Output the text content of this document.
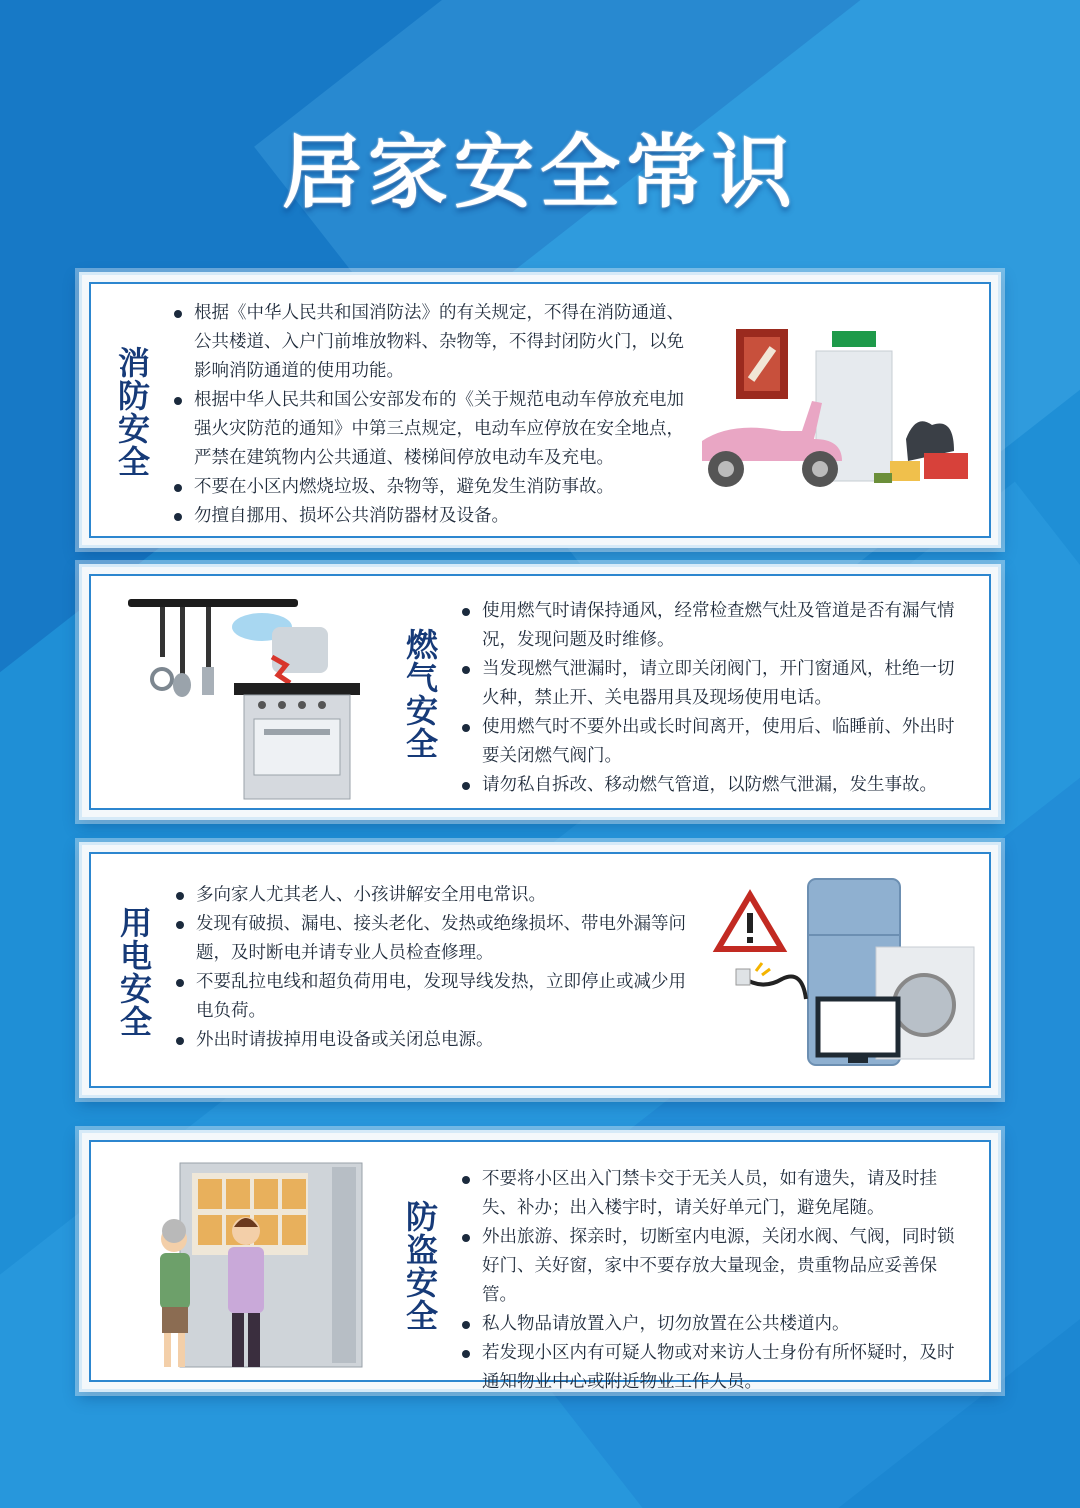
居家安全常识
消防安全
根据《中华人民共和国消防法》的有关规定，不得在消防通道、公共楼道、入户门前堆放物料、杂物等，不得封闭防火门，以免影响消防通道的使用功能。
根据中华人民共和国公安部发布的《关于规范电动车停放充电加强火灾防范的通知》中第三点规定，电动车应停放在安全地点，严禁在建筑物内公共通道、楼梯间停放电动车及充电。
不要在小区内燃烧垃圾、杂物等，避免发生消防事故。
勿擅自挪用、损坏公共消防器材及设备。
燃气安全
使用燃气时请保持通风，经常检查燃气灶及管道是否有漏气情况，发现问题及时维修。
当发现燃气泄漏时，请立即关闭阀门，开门窗通风，杜绝一切火种，禁止开、关电器用具及现场使用电话。
使用燃气时不要外出或长时间离开，使用后、临睡前、外出时要关闭燃气阀门。
请勿私自拆改、移动燃气管道，以防燃气泄漏，发生事故。
用电安全
多向家人尤其老人、小孩讲解安全用电常识。
发现有破损、漏电、接头老化、发热或绝缘损坏、带电外漏等问题，及时断电并请专业人员检查修理。
不要乱拉电线和超负荷用电，发现导线发热，立即停止或减少用电负荷。
外出时请拔掉用电设备或关闭总电源。
防盗安全
不要将小区出入门禁卡交于无关人员，如有遗失，请及时挂失、补办；出入楼宇时，请关好单元门，避免尾随。
外出旅游、探亲时，切断室内电源，关闭水阀、气阀，同时锁好门、关好窗，家中不要存放大量现金，贵重物品应妥善保管。
私人物品请放置入户，切勿放置在公共楼道内。
若发现小区内有可疑人物或对来访人士身份有所怀疑时，及时通知物业中心或附近物业工作人员。
